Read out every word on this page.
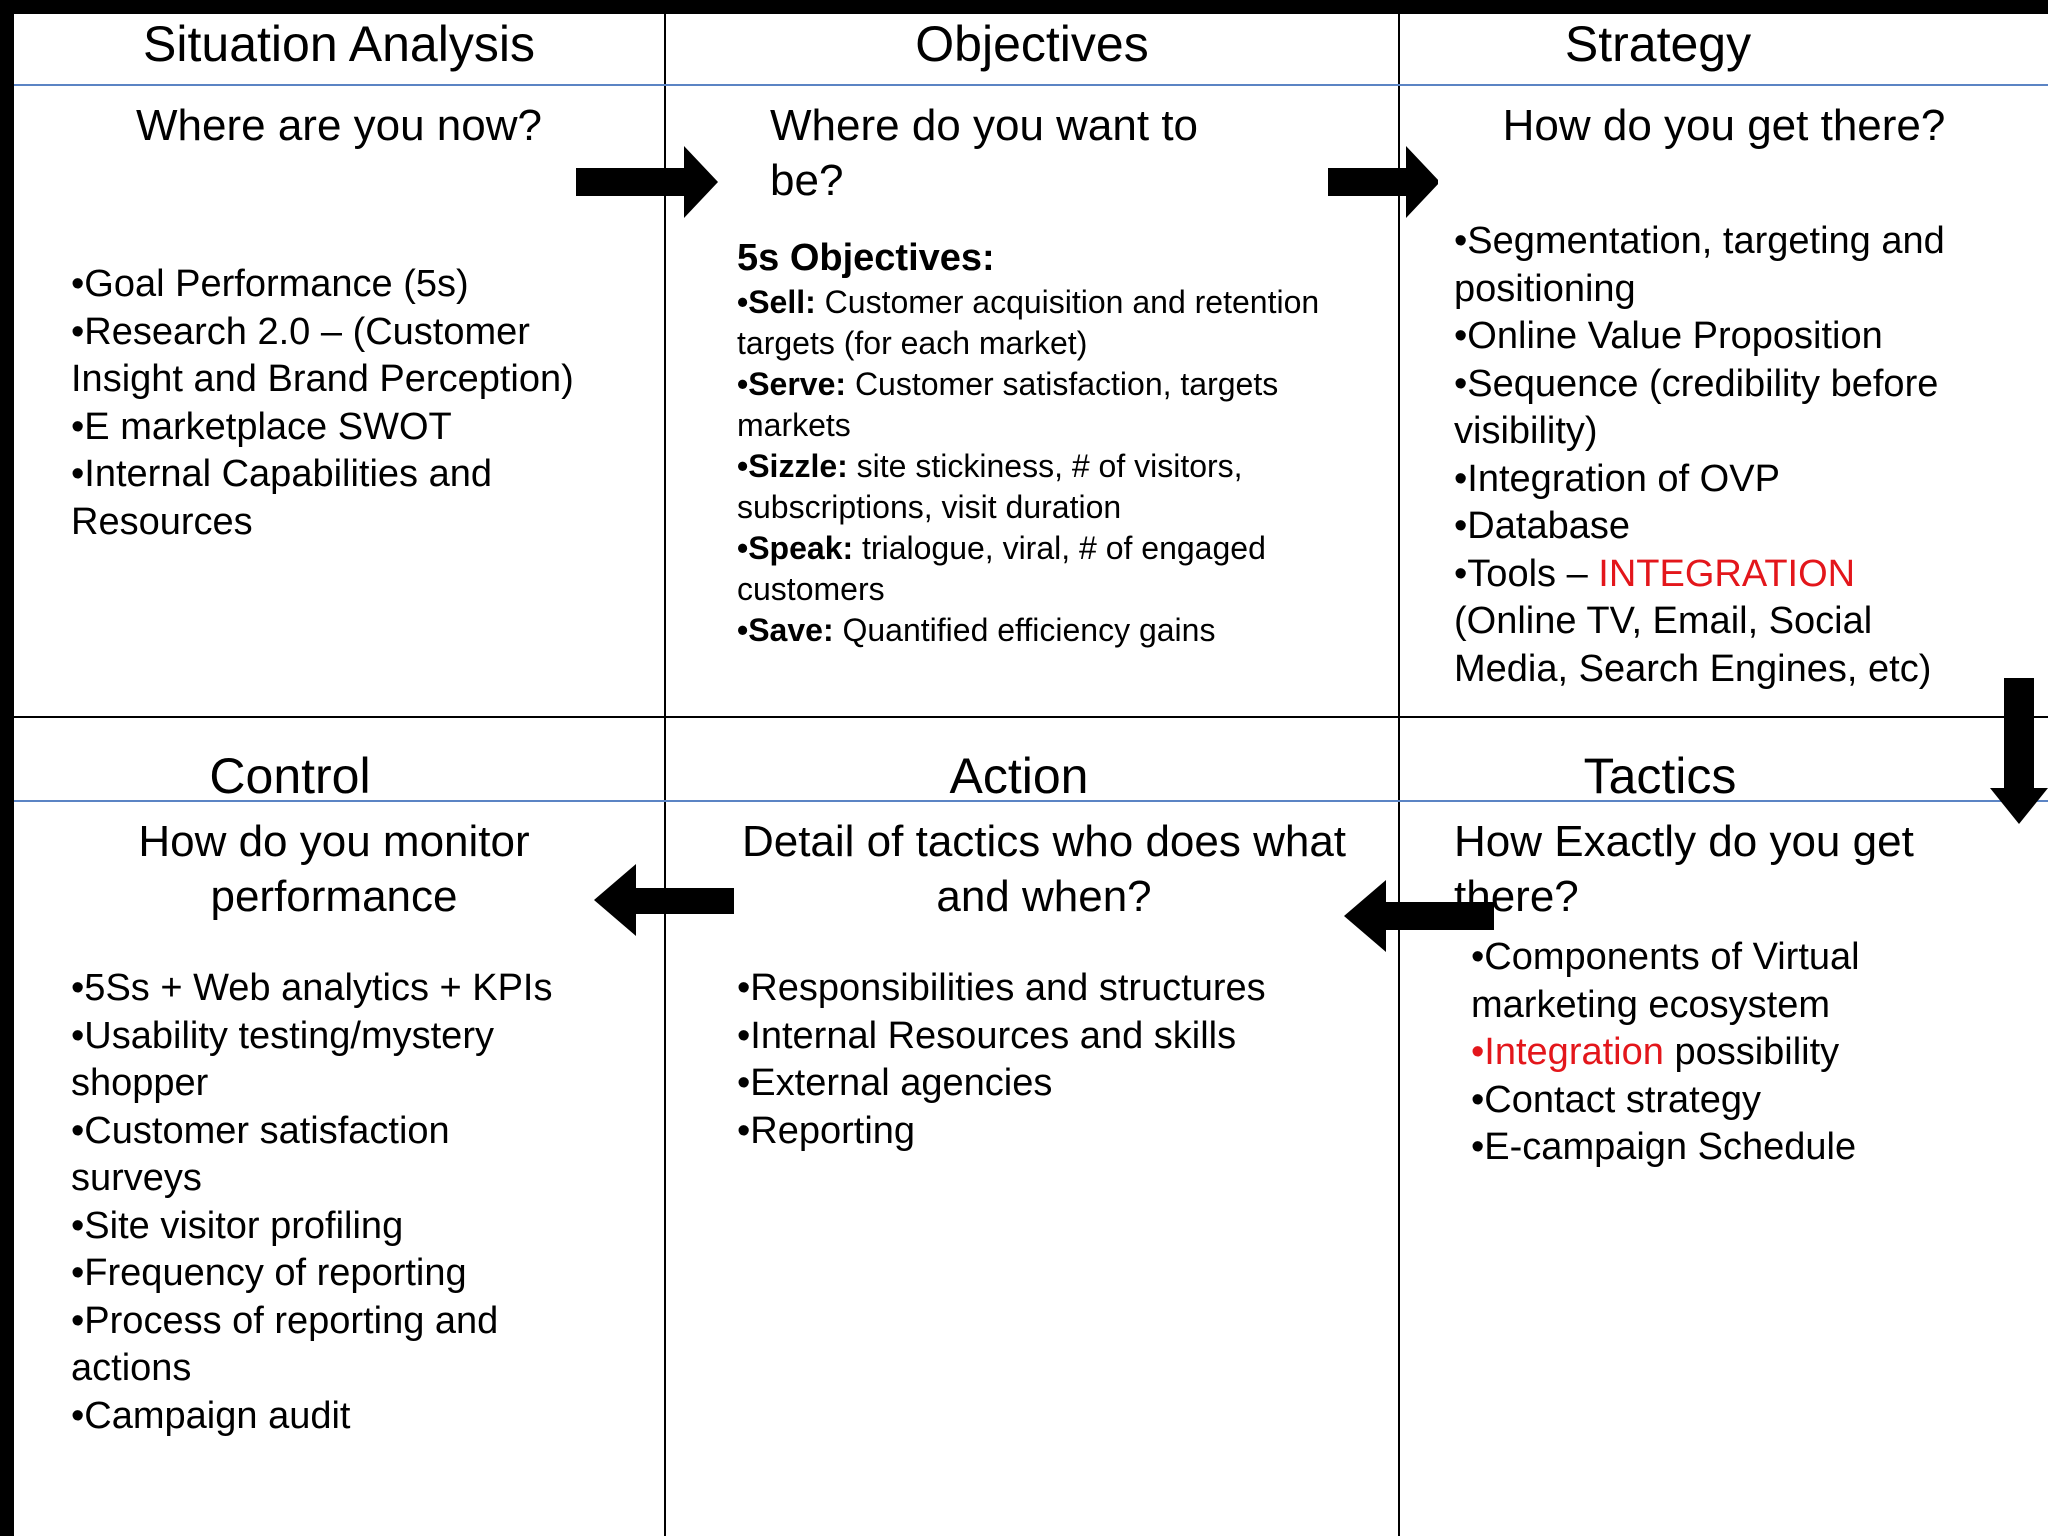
Situation Analysis
Where are you now?
•Goal Performance (5s)
•Research 2.0 – (Customer Insight and Brand Perception)
•E marketplace SWOT
•Internal Capabilities and Resources
Objectives
Where do you want to be?
5s Objectives:
•Sell: Customer acquisition and retention targets (for each market)
•Serve: Customer satisfaction, targets markets
•Sizzle: site stickiness, # of visitors, subscriptions, visit duration
•Speak: trialogue, viral, # of engaged customers
•Save: Quantified efficiency gains
Strategy
How do you get there?
•Segmentation, targeting and positioning
•Online Value Proposition
•Sequence (credibility before visibility)
•Integration of OVP
•Database
•Tools – INTEGRATION
(Online TV, Email, Social Media, Search Engines, etc)
Control
How do you monitor performance
•5Ss + Web analytics + KPIs
•Usability testing/mystery shopper
•Customer satisfaction surveys
•Site visitor profiling
•Frequency of reporting
•Process of reporting and actions
•Campaign audit
Action
Detail of tactics who does what and when?
•Responsibilities and structures
•Internal Resources and skills
•External agencies
•Reporting
Tactics
How Exactly do you get there?
•Components of Virtual marketing ecosystem
•Integration possibility
•Contact strategy
•E-campaign Schedule
